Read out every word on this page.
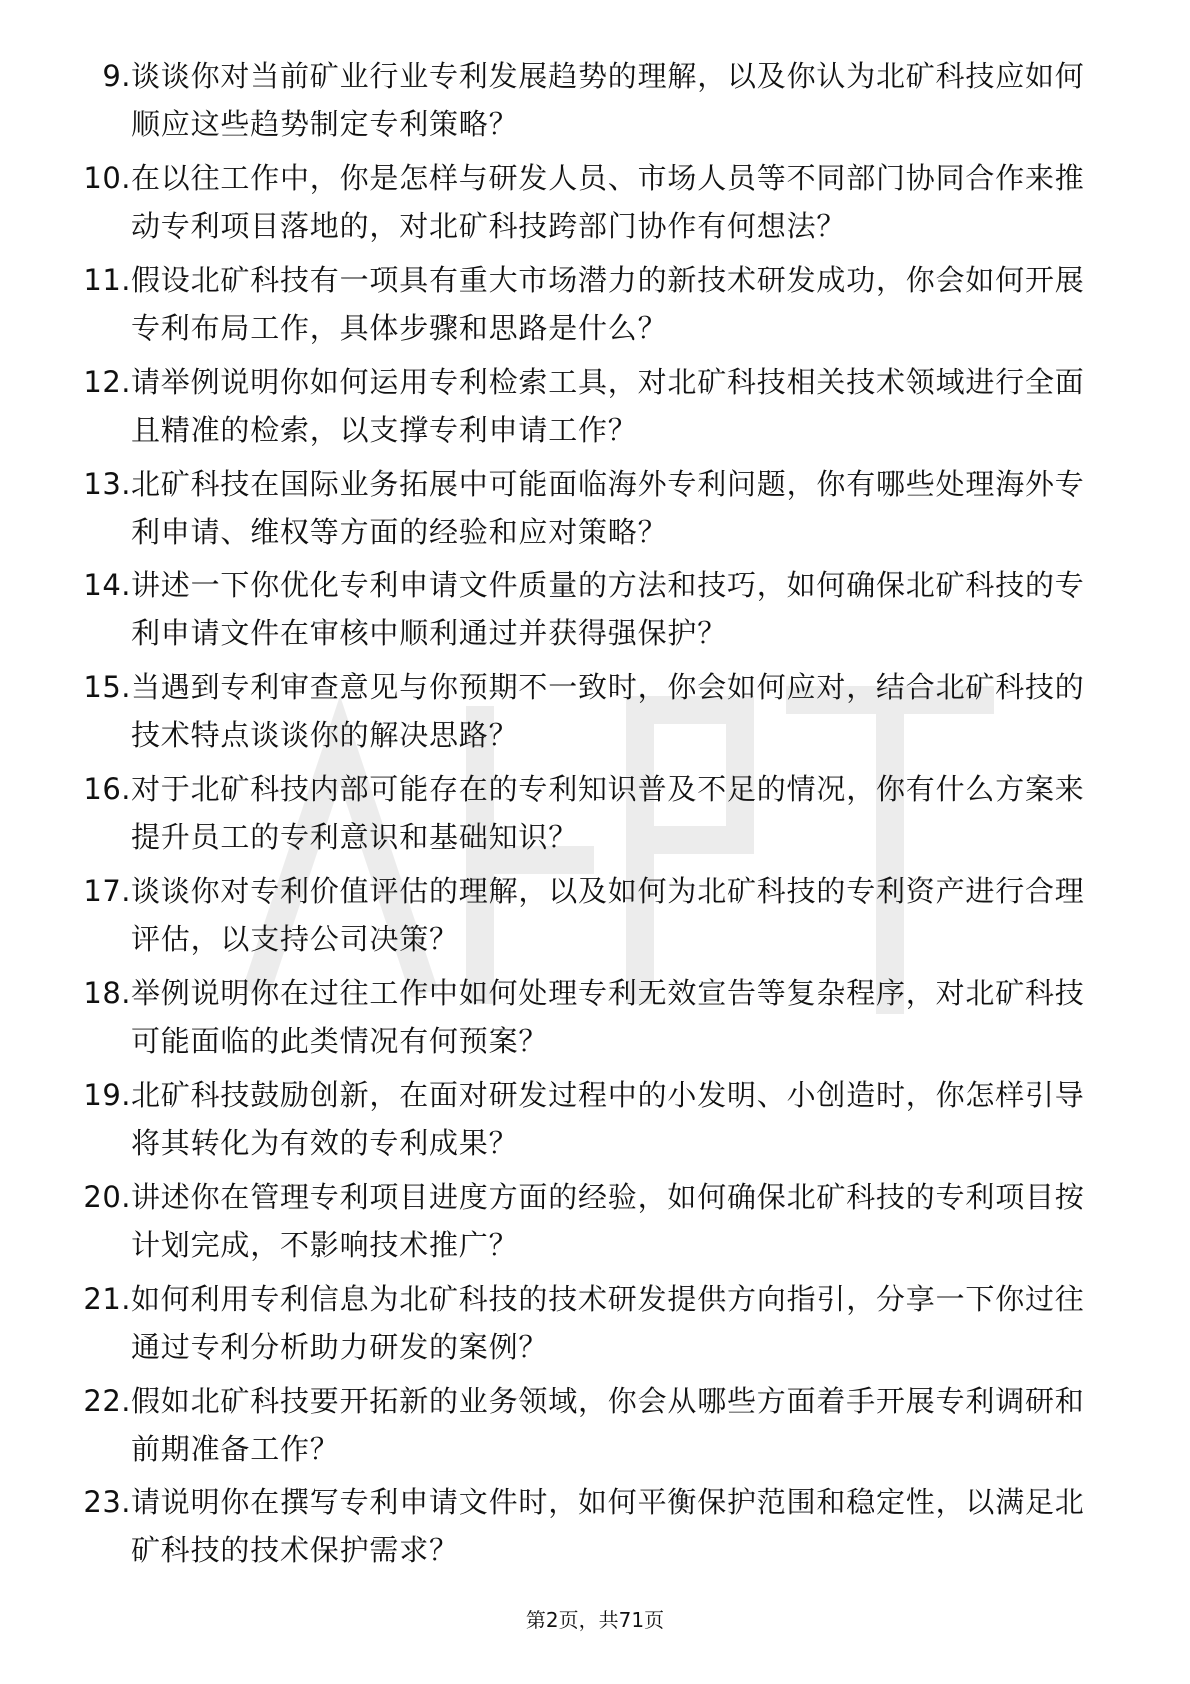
9. 谈谈你对当前矿业行业专利发展趋势的理解，以及你认为北矿科技应如何顺应这些趋势制定专利策略？
10. 在以往工作中，你是怎样与研发人员、市场人员等不同部门协同合作来推动专利项目落地的，对北矿科技跨部门协作有何想法？
11. 假设北矿科技有一项具有重大市场潜力的新技术研发成功，你会如何开展专利布局工作，具体步骤和思路是什么？
12. 请举例说明你如何运用专利检索工具，对北矿科技相关技术领域进行全面且精准的检索，以支撑专利申请工作？
13. 北矿科技在国际业务拓展中可能面临海外专利问题，你有哪些处理海外专利申请、维权等方面的经验和应对策略？
14. 讲述一下你优化专利申请文件质量的方法和技巧，如何确保北矿科技的专利申请文件在审核中顺利通过并获得强保护？
15. 当遇到专利审查意见与你预期不一致时，你会如何应对，结合北矿科技的技术特点谈谈你的解决思路？
16. 对于北矿科技内部可能存在的专利知识普及不足的情况，你有什么方案来提升员工的专利意识和基础知识？
17. 谈谈你对专利价值评估的理解，以及如何为北矿科技的专利资产进行合理评估，以支持公司决策？
18. 举例说明你在过往工作中如何处理专利无效宣告等复杂程序，对北矿科技可能面临的此类情况有何预案？
19. 北矿科技鼓励创新，在面对研发过程中的小发明、小创造时，你怎样引导将其转化为有效的专利成果？
20. 讲述你在管理专利项目进度方面的经验，如何确保北矿科技的专利项目按计划完成，不影响技术推广？
21. 如何利用专利信息为北矿科技的技术研发提供方向指引，分享一下你过往通过专利分析助力研发的案例？
22. 假如北矿科技要开拓新的业务领域，你会从哪些方面着手开展专利调研和前期准备工作？
23. 请说明你在撰写专利申请文件时，如何平衡保护范围和稳定性，以满足北矿科技的技术保护需求？
第2页，共71页
